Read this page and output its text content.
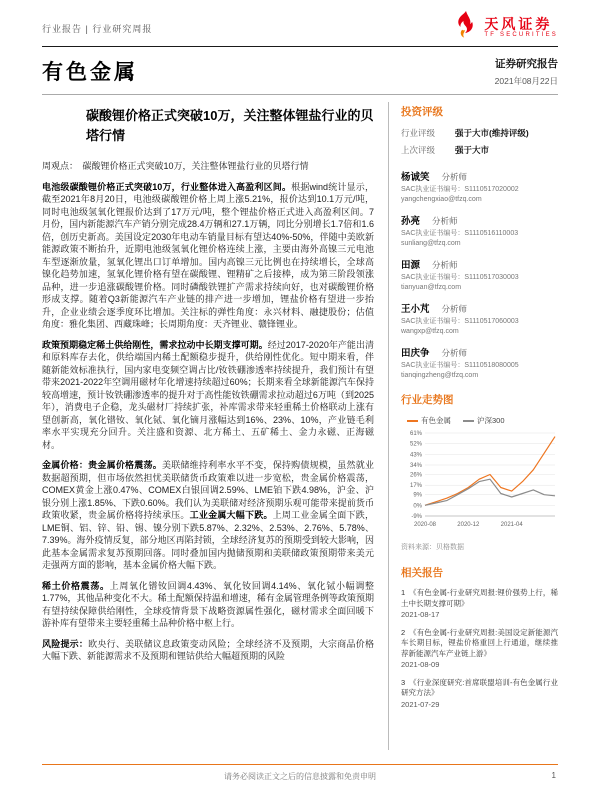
行业报告 | 行业研究周报	天风证券
TF SECURITIES
有色金属	证券研究报告
2021年08月22日
碳酸锂价格正式突破10万，关注整体锂盐行业的贝塔行情
周观点：　碳酸锂价格正式突破10万，关注整体锂盐行业的贝塔行情
电池级碳酸锂价格正式突破10万，行业整体进入高盈利区间。根据wind统计显示，截至2021年8月20日，电池级碳酸锂价格上周上涨5.21%，报价达到10.1万元/吨，同时电池级氢氧化锂报价达到了17万元/吨，整个锂盐价格正式进入高盈利区间。7月份，国内新能源汽车产销分别完成28.4万辆和27.1万辆，同比分别增长1.7倍和1.6倍，创历史新高。美国设定2030年电动车销量目标有望达40%-50%，伴随中美欧新能源政策不断抬升，近期电池级氢氧化锂价格连续上涨，主要由海外高镍三元电池车型逐渐放量，氢氧化锂出口订单增加。国内高镍三元比例也在持续增长，全球高镍化趋势加速，氢氧化锂价格有望在碳酸锂、锂精矿之后接棒，成为第三阶段领涨品种，进一步追涨碳酸锂价格。同时磷酸铁锂扩产需求持续向好，也对碳酸锂价格形成支撑。随着Q3新能源汽车产业链的排产进一步增加，锂盐价格有望进一步抬升，企业业绩会逐季度环比增加。关注标的弹性角度：永兴材料、融捷股份；估值角度：雅化集团、西藏珠峰；长周期角度：天齐锂业、赣锋锂业。
政策预期稳定稀土供给刚性，需求拉动中长期支撑可期。经过2017-2020年产能出清和原料库存去化，供给端国内稀土配额稳步提升，供给刚性优化。短中期来看，伴随新能效标准执行，国内家电变频空调占比/钕铁硼渗透率持续提升，我们预计有望带来2021-2022年空调用磁材年化增速持续超过60%；长期来看全球新能源汽车保持较高增速，预计钕铁硼渗透率的提升对于高性能钕铁硼需求拉动超过6万吨（到2025年），消费电子企稳，龙头磁材厂持续扩张，补库需求带来轻重稀土价格联动上涨有望创新高，氧化镨钕、氧化铽、氧化镝月涨幅达到16%、23%、10%，产业链毛利率水平实现充分回升。关注盛和资源、北方稀土、五矿稀土、金力永磁、正海磁材。
金属价格：贵金属价格震荡。美联储维持利率水平不变，保持购债规模，虽然就业数据超预期，但市场依然担忧美联储货币政策难以进一步宽松，贵金属价格震荡，COMEX黄金上涨0.47%、COMEX白银回调2.59%、LME铂下跌4.98%，沪金、沪银分别上涨1.85%、下跌0.60%。我们认为美联储对经济预期乐观可能带来提前货币政策收紧，贵金属价格将持续承压。工业金属大幅下跌。上周工业金属全面下跌，LME铜、铝、锌、铅、锡、镍分别下跌5.87%、2.32%、2.53%、2.76%、5.78%、7.39%。海外疫情反复，部分地区再陷封锁，全球经济复苏的预期受到较大影响，因此基本金属需求复苏预期回落。同时叠加国内抛储预期和美联储政策预期带来美元走强两方面的影响，基本金属价格大幅下跌。
稀土价格震荡。上周氧化镨钕回调4.43%、氧化钕回调4.14%、氧化铽小幅调整1.77%，其他品种变化不大。稀土配额保持温和增速，稀有金属管理条例等政策预期有望持续保障供给刚性，全球疫情背景下战略资源属性强化，磁材需求全面回暖下游补库有望带来主要轻重稀土品种价格中枢上行。
风险提示：欧央行、美联储议息政策变动风险；全球经济不及预期，大宗商品价格大幅下跌、新能源需求不及预期和锂钴供给大幅超预期的风险
投资评级
行业评级	强于大市(维持评级)
上次评级	强于大市
杨诚笑 分析师
SAC执业证书编号：S1110517020002
yangchengxiao@tfzq.com
孙亮 分析师
SAC执业证书编号：S1110516110003
sunliang@tfzq.com
田源 分析师
SAC执业证书编号：S1110517030003
tianyuan@tfzq.com
王小芃 分析师
SAC执业证书编号：S1110517060003
wangxp@tfzq.com
田庆争 分析师
SAC执业证书编号：S1110518080005
tianqingzheng@tfzq.com
行业走势图
有色金属	沪深300
61%
52%
43%
34%
26%
17%
9%
0%
-9%
2020-08	2020-12	2021-04
资料来源：贝格数据
相关报告
1　《有色金属-行业研究周报:锂价强势上行，稀土中长期支撑可期》
2021-08-17
2　《有色金属-行业研究周报:美国设定新能源汽车长期目标，锂盐价格重回上行通道，继续推荐新能源汽车产业链上游》
2021-08-09
3　《行业深度研究:首席联盟培训-有色金属行业研究方法》
2021-07-29
请务必阅读正文之后的信息披露和免责申明	1
